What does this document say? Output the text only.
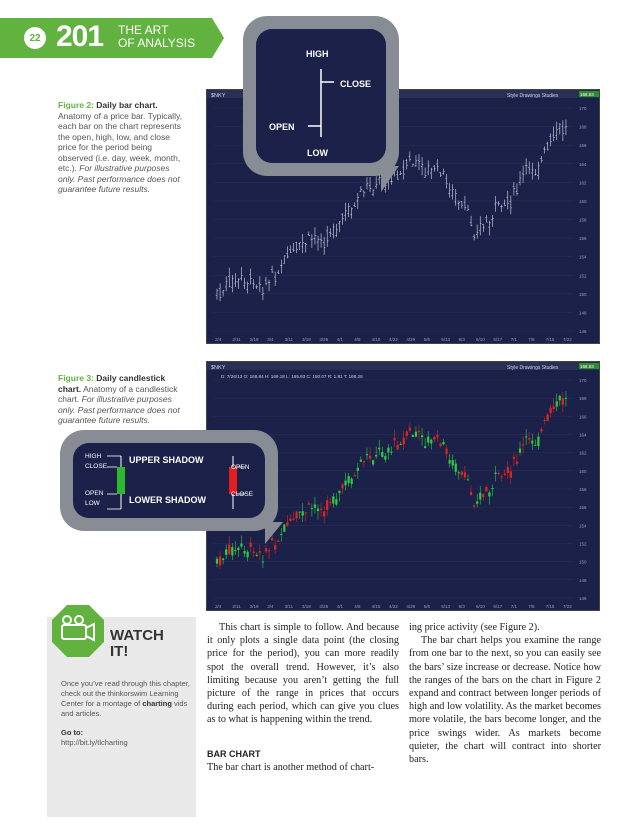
22 201 THE ART
OF ANALYSIS
Figure 2: Daily bar chart. Anatomy of a price bar. Typically, each bar on the chart represents the open, high, low, and close price for the period being observed (i.e. day, week, month, etc.). For illustrative purposes only. Past performance does not guarantee future results.
$NKY	Style Drawings Studies	168.93
170
168
166
164
162
160
158
156
154
152
150
148
146
2/4 2/11 2/19 3/4 3/11 3/18 3/25 4/1 4/8 4/15 4/22 4/29 5/6 5/13 6/3 6/10 6/17 7/1 7/8 7/15 7/22
HIGH
CLOSE
OPEN
LOW
Figure 3: Daily candlestick chart. Anatomy of a candlestick chart. For illustrative purposes only. Past performance does not guarantee future results.
$NKY	Style Drawings Studies	168.93
D: 7/26/13 O: 168.84 H: 169.18 L: 165.93 C: 150.07 R: 1.81 T: 168.28
170
168
166
164
162
160
158
156
154
152
150
148
146
2/4 2/11 2/19 3/4 3/11 3/18 3/25 4/1 4/8 4/15 4/22 4/29 5/6 5/13 6/3 6/10 6/17 7/1 7/8 7/15 7/22
HIGH
CLOSE
OPEN
LOW
UPPER SHADOW
LOWER SHADOW
OPEN
CLOSE
WATCH
IT!
Once you’ve read through this chapter, check out the thinkorswim Learning Center for a montage of charting vids and articles.
Go to:
http://bit.ly/tlcharting
This chart is simple to follow. And because it only plots a single data point (the closing price for the period), you can more readily spot the overall trend. However, it’s also limiting because you aren’t getting the full picture of the range in prices that occurs during each period, which can give you clues as to what is happening within the trend.
BAR CHART
The bar chart is another method of chart-
ing price activity (see Figure 2).
The bar chart helps you examine the range from one bar to the next, so you can easily see the bars’ size increase or decrease. Notice how the ranges of the bars on the chart in Figure 2 expand and contract between longer periods of high and low volatility. As the market becomes more volatile, the bars become longer, and the price swings wider. As markets become quieter, the chart will contract into shorter bars.
